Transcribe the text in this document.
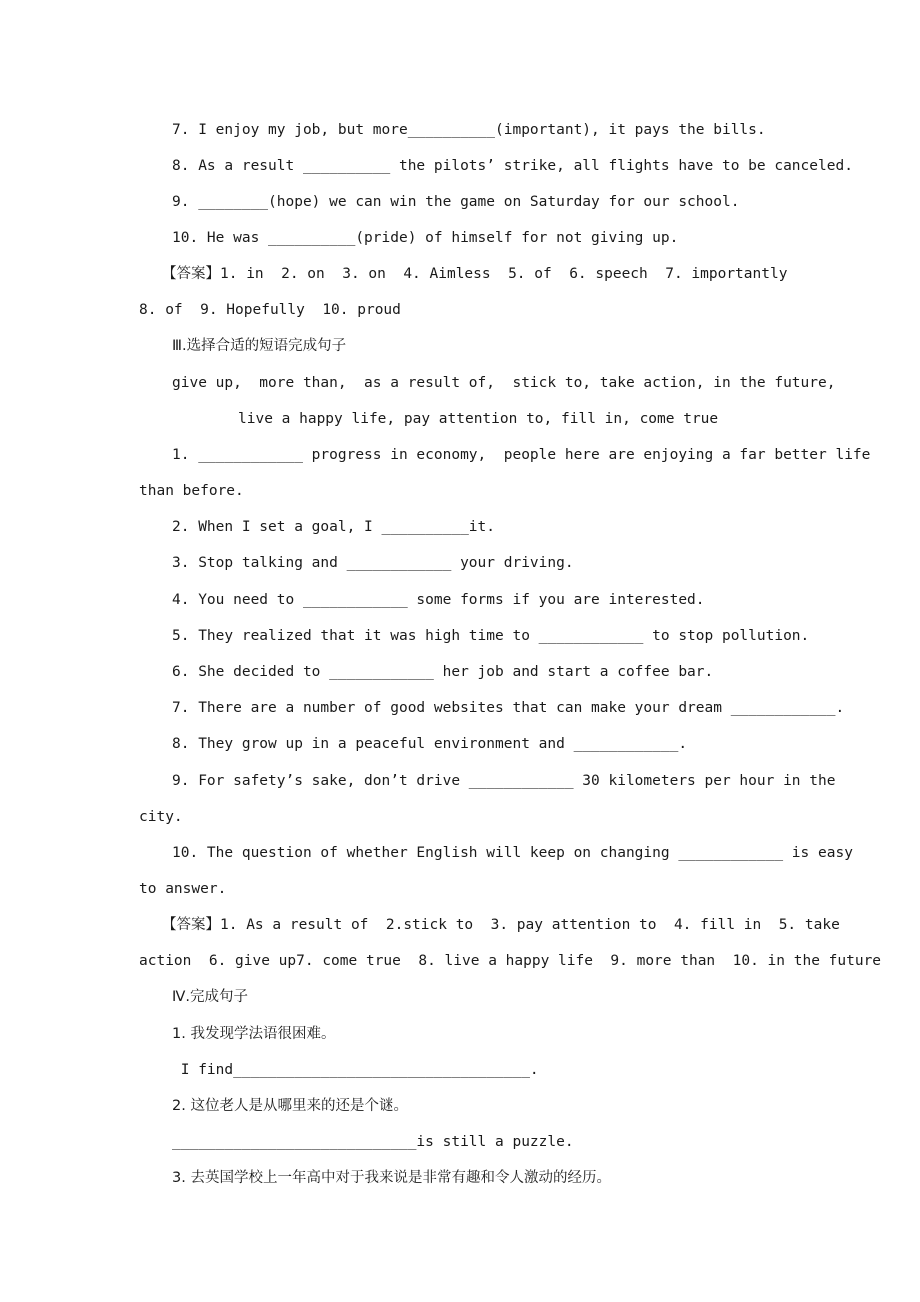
7. I enjoy my job, but more__________(important), it pays the bills.
8. As a result __________ the pilots’ strike, all flights have to be canceled.
9. ________(hope) we can win the game on Saturday for our school.
10. He was __________(pride) of himself for not giving up.
【答案】1. in  2. on  3. on  4. Aimless  5. of  6. speech  7. importantly
8. of  9. Hopefully  10. proud
Ⅲ.选择合适的短语完成句子
give up,  more than,  as a result of,  stick to, take action, in the future,
live a happy life, pay attention to, fill in, come true
1. ____________ progress in economy,  people here are enjoying a far better life
than before.
2. When I set a goal, I __________it.
3. Stop talking and ____________ your driving.
4. You need to ____________ some forms if you are interested.
5. They realized that it was high time to ____________ to stop pollution.
6. She decided to ____________ her job and start a coffee bar.
7. There are a number of good websites that can make your dream ____________.
8. They grow up in a peaceful environment and ____________.
9. For safety’s sake, don’t drive ____________ 30 kilometers per hour in the
city.
10. The question of whether English will keep on changing ____________ is easy
to answer.
【答案】1. As a result of  2.stick to  3. pay attention to  4. fill in  5. take
action  6. give up7. come true  8. live a happy life  9. more than  10. in the future
Ⅳ.完成句子
1. 我发现学法语很困难。
I find__________________________________.
2. 这位老人是从哪里来的还是个谜。
____________________________is still a puzzle.
3. 去英国学校上一年高中对于我来说是非常有趣和令人激动的经历。
